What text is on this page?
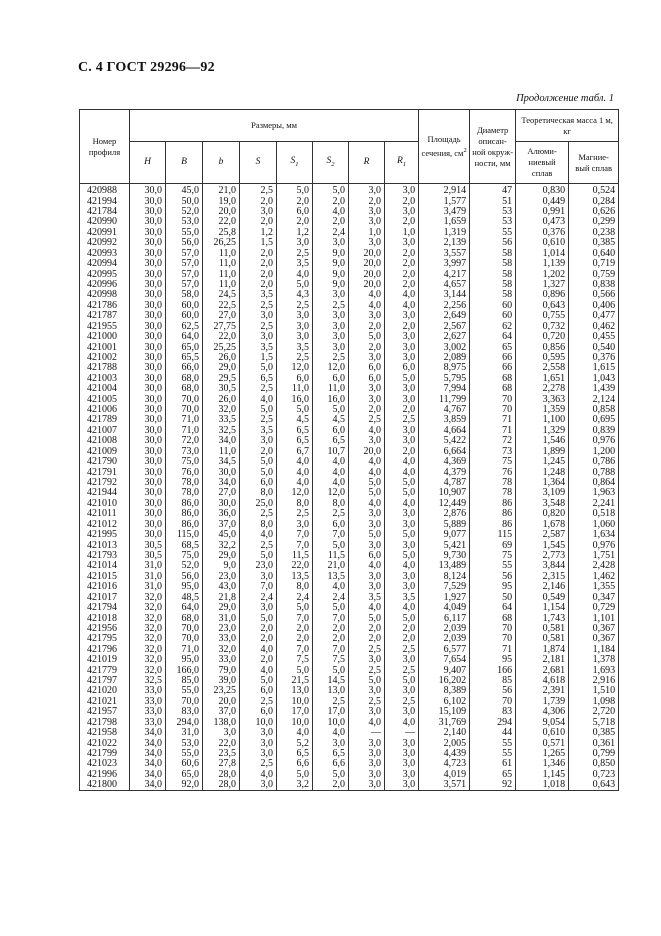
С. 4 ГОСТ 29296—92
Продолжение табл. 1
Номер профиля	Размеры, мм								Площадь сечения, $см^2$	Диаметр описан- ной окруж- ности, мм	Теоретическая масса 1 м, кг	
	H	B	b	S	$S_1$	$S_2$	R	$R_1$			Алюми- ниевый сплав	Магние- вый сплав
420988	30,0	45,0	21,0	2,5	5,0	5,0	3,0	3,0	2,914	47	0,830	0,524
421994	30,0	50,0	19,0	2,0	2,0	2,0	2,0	2,0	1,577	51	0,449	0,284
421784	30,0	52,0	20,0	3,0	6,0	4,0	3,0	3,0	3,479	53	0,991	0,626
420990	30,0	53,0	22,0	2,0	2,0	2,0	3,0	2,0	1,659	53	0,473	0,299
420991	30,0	55,0	25,8	1,2	1,2	2,4	1,0	1,0	1,319	55	0,376	0,238
420992	30,0	56,0	26,25	1,5	3,0	3,0	3,0	3,0	2,139	56	0,610	0,385
420993	30,0	57,0	11,0	2,0	2,5	9,0	20,0	2,0	3,557	58	1,014	0,640
420994	30,0	57,0	11,0	2,0	3,5	9,0	20,0	2,0	3,997	58	1,139	0,719
420995	30,0	57,0	11,0	2,0	4,0	9,0	20,0	2,0	4,217	58	1,202	0,759
420996	30,0	57,0	11,0	2,0	5,0	9,0	20,0	2,0	4,657	58	1,327	0,838
420998	30,0	58,0	24,5	3,5	4,3	3,0	4,0	4,0	3,144	58	0,896	0,566
421786	30,0	60,0	22,5	2,5	2,5	2,5	4,0	4,0	2,256	60	0,643	0,406
421787	30,0	60,0	27,0	3,0	3,0	3,0	3,0	3,0	2,649	60	0,755	0,477
421955	30,0	62,5	27,75	2,5	3,0	3,0	2,0	2,0	2,567	62	0,732	0,462
421000	30,0	64,0	22,0	3,0	3,0	3,0	5,0	3,0	2,627	64	0,720	0,455
421001	30,0	65,0	25,25	3,5	3,5	3,0	2,0	3,0	3,002	65	0,856	0,540
421002	30,0	65,5	26,0	1,5	2,5	2,5	3,0	3,0	2,089	66	0,595	0,376
421788	30,0	66,0	29,0	5,0	12,0	12,0	6,0	6,0	8,975	66	2,558	1,615
421003	30,0	68,0	29,5	6,5	6,0	6,0	6,0	5,0	5,795	68	1,651	1,043
421004	30,0	68,0	30,5	2,5	11,0	11,0	3,0	3,0	7,994	68	2,278	1,439
421005	30,0	70,0	26,0	4,0	16,0	16,0	3,0	3,0	11,799	70	3,363	2,124
421006	30,0	70,0	32,0	5,0	5,0	5,0	2,0	2,0	4,767	70	1,359	0,858
421789	30,0	71,0	33,5	2,5	4,5	4,5	2,5	2,5	3,859	71	1,100	0,695
421007	30,0	71,0	32,5	3,5	6,5	6,0	4,0	3,0	4,664	71	1,329	0,839
421008	30,0	72,0	34,0	3,0	6,5	6,5	3,0	3,0	5,422	72	1,546	0,976
421009	30,0	73,0	11,0	2,0	6,7	10,7	20,0	2,0	6,664	73	1,899	1,200
421790	30,0	75,0	34,5	5,0	4,0	4,0	4,0	4,0	4,369	75	1,245	0,786
421791	30,0	76,0	30,0	5,0	4,0	4,0	4,0	4,0	4,379	76	1,248	0,788
421792	30,0	78,0	34,0	6,0	4,0	4,0	5,0	5,0	4,787	78	1,364	0,864
421944	30,0	78,0	27,0	8,0	12,0	12,0	5,0	5,0	10,907	78	3,109	1,963
421010	30,0	86,0	30,0	25,0	8,0	8,0	4,0	4,0	12,449	86	3,548	2,241
421011	30,0	86,0	36,0	2,5	2,5	2,5	3,0	3,0	2,876	86	0,820	0,518
421012	30,0	86,0	37,0	8,0	3,0	6,0	3,0	3,0	5,889	86	1,678	1,060
421995	30,0	115,0	45,0	4,0	7,0	7,0	5,0	5,0	9,077	115	2,587	1,634
421013	30,5	68,5	32,2	2,5	7,0	5,0	3,0	3,0	5,421	69	1,545	0,976
421793	30,5	75,0	29,0	5,0	11,5	11,5	6,0	5,0	9,730	75	2,773	1,751
421014	31,0	52,0	9,0	23,0	22,0	21,0	4,0	4,0	13,489	55	3,844	2,428
421015	31,0	56,0	23,0	3,0	13,5	13,5	3,0	3,0	8,124	56	2,315	1,462
421016	31,0	95,0	43,0	7,0	8,0	4,0	3,0	3,0	7,529	95	2,146	1,355
421017	32,0	48,5	21,8	2,4	2,4	2,4	3,5	3,5	1,927	50	0,549	0,347
421794	32,0	64,0	29,0	3,0	5,0	5,0	4,0	4,0	4,049	64	1,154	0,729
421018	32,0	68,0	31,0	5,0	7,0	7,0	5,0	5,0	6,117	68	1,743	1,101
421956	32,0	70,0	23,0	2,0	2,0	2,0	2,0	2,0	2,039	70	0,581	0,367
421795	32,0	70,0	33,0	2,0	2,0	2,0	2,0	2,0	2,039	70	0,581	0,367
421796	32,0	71,0	32,0	4,0	7,0	7,0	2,5	2,5	6,577	71	1,874	1,184
421019	32,0	95,0	33,0	2,0	7,5	7,5	3,0	3,0	7,654	95	2,181	1,378
421779	32,0	166,0	79,0	4,0	5,0	5,0	2,5	2,5	9,407	166	2,681	1,693
421797	32,5	85,0	39,0	5,0	21,5	14,5	5,0	5,0	16,202	85	4,618	2,916
421020	33,0	55,0	23,25	6,0	13,0	13,0	3,0	3,0	8,389	56	2,391	1,510
421021	33,0	70,0	20,0	2,5	10,0	2,5	2,5	2,5	6,102	70	1,739	1,098
421957	33,0	83,0	37,0	6,0	17,0	17,0	3,0	3,0	15,109	83	4,306	2,720
421798	33,0	294,0	138,0	10,0	10,0	10,0	4,0	4,0	31,769	294	9,054	5,718
421958	34,0	31,0	3,0	3,0	4,0	4,0	—	—	2,140	44	0,610	0,385
421022	34,0	53,0	22,0	3,0	5,2	3,0	3,0	3,0	2,005	55	0,571	0,361
421799	34,0	55,0	23,5	3,0	6,5	6,5	3,0	3,0	4,439	55	1,265	0,799
421023	34,0	60,6	27,8	2,5	6,6	6,6	3,0	3,0	4,723	61	1,346	0,850
421996	34,0	65,0	28,0	4,0	5,0	5,0	3,0	3,0	4,019	65	1,145	0,723
421800	34,0	92,0	28,0	3,0	3,2	2,0	3,0	3,0	3,571	92	1,018	0,643
